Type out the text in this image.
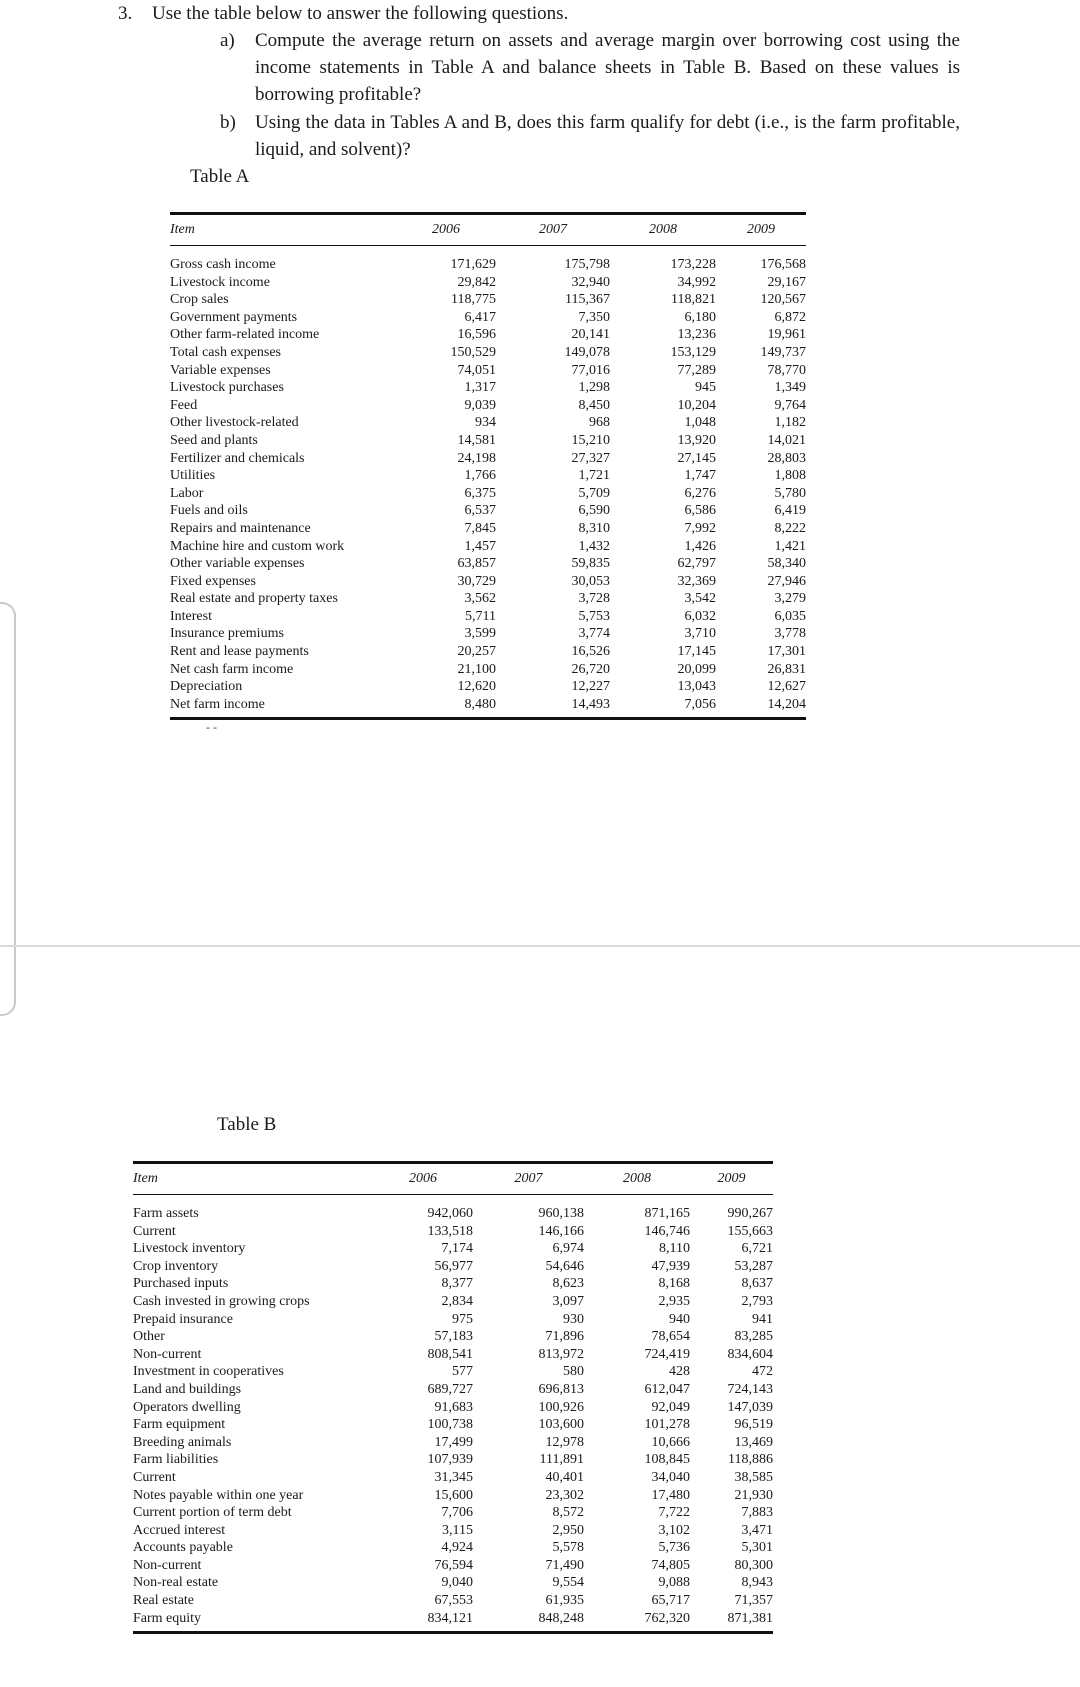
3.	Use the table below to answer the following questions.
a)	Compute the average return on assets and average margin over borrowing cost using the income statements in Table A and balance sheets in Table B. Based on these values is borrowing profitable?
b)	Using the data in Tables A and B, does this farm qualify for debt (i.e., is the farm profitable, liquid, and solvent)?
Table A
Item	2006	2007	2008	2009
Gross cash income	171,629	175,798	173,228	176,568
Livestock income	29,842	32,940	34,992	29,167
Crop sales	118,775	115,367	118,821	120,567
Government payments	6,417	7,350	6,180	6,872
Other farm-related income	16,596	20,141	13,236	19,961
Total cash expenses	150,529	149,078	153,129	149,737
Variable expenses	74,051	77,016	77,289	78,770
Livestock purchases	1,317	1,298	945	1,349
Feed	9,039	8,450	10,204	9,764
Other livestock-related	934	968	1,048	1,182
Seed and plants	14,581	15,210	13,920	14,021
Fertilizer and chemicals	24,198	27,327	27,145	28,803
Utilities	1,766	1,721	1,747	1,808
Labor	6,375	5,709	6,276	5,780
Fuels and oils	6,537	6,590	6,586	6,419
Repairs and maintenance	7,845	8,310	7,992	8,222
Machine hire and custom work	1,457	1,432	1,426	1,421
Other variable expenses	63,857	59,835	62,797	58,340
Fixed expenses	30,729	30,053	32,369	27,946
Real estate and property taxes	3,562	3,728	3,542	3,279
Interest	5,711	5,753	6,032	6,035
Insurance premiums	3,599	3,774	3,710	3,778
Rent and lease payments	20,257	16,526	17,145	17,301
Net cash farm income	21,100	26,720	20,099	26,831
Depreciation	12,620	12,227	13,043	12,627
Net farm income	8,480	14,493	7,056	14,204
- -
Table B
Item	2006	2007	2008	2009
Farm assets	942,060	960,138	871,165	990,267
Current	133,518	146,166	146,746	155,663
Livestock inventory	7,174	6,974	8,110	6,721
Crop inventory	56,977	54,646	47,939	53,287
Purchased inputs	8,377	8,623	8,168	8,637
Cash invested in growing crops	2,834	3,097	2,935	2,793
Prepaid insurance	975	930	940	941
Other	57,183	71,896	78,654	83,285
Non-current	808,541	813,972	724,419	834,604
Investment in cooperatives	577	580	428	472
Land and buildings	689,727	696,813	612,047	724,143
Operators dwelling	91,683	100,926	92,049	147,039
Farm equipment	100,738	103,600	101,278	96,519
Breeding animals	17,499	12,978	10,666	13,469
Farm liabilities	107,939	111,891	108,845	118,886
Current	31,345	40,401	34,040	38,585
Notes payable within one year	15,600	23,302	17,480	21,930
Current portion of term debt	7,706	8,572	7,722	7,883
Accrued interest	3,115	2,950	3,102	3,471
Accounts payable	4,924	5,578	5,736	5,301
Non-current	76,594	71,490	74,805	80,300
Non-real estate	9,040	9,554	9,088	8,943
Real estate	67,553	61,935	65,717	71,357
Farm equity	834,121	848,248	762,320	871,381
